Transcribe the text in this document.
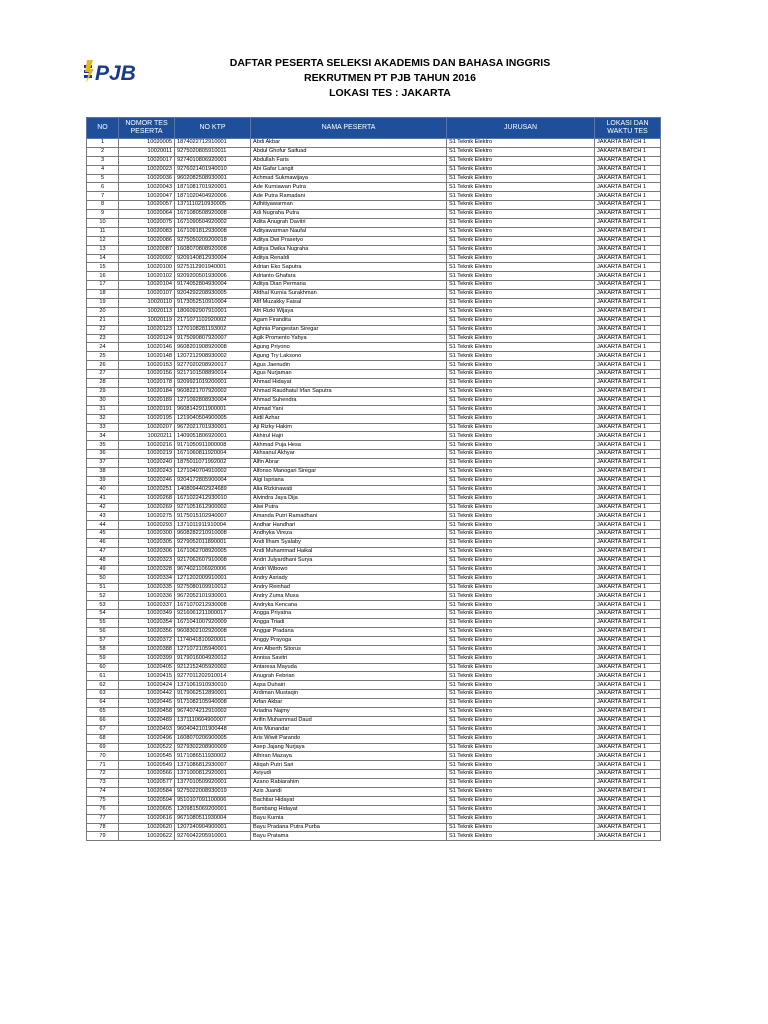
PJB	DAFTAR PESERTA SELEKSI AKADEMIS DAN BAHASA INGGRIS
REKRUTMEN PT PJB TAHUN 2016
LOKASI TES : JAKARTA
NO	NOMOR TES PESERTA	NO KTP	NAMA PESERTA	JURUSAN	LOKASI DAN WAKTU TES
1	10020005	1874022712910001	Abdi Akbar	S1 Teknik Elektro	JAKARTA BATCH 1
2	10020011	9275020805910011	Abdul Ghofur Saifuad	S1 Teknik Elektro	JAKARTA BATCH 1
3	10020017	9274010806920001	Abdullah Faris	S1 Teknik Elektro	JAKARTA BATCH 1
4	10020023	9276021401940010	Abi Gafar Langit	S1 Teknik Elektro	JAKARTA BATCH 1
5	10020036	9602082508930001	Achmad Sukmawijaya	S1 Teknik Elektro	JAKARTA BATCH 1
6	10020043	1871081701920001	Ade Kurniawan Putra	S1 Teknik Elektro	JAKARTA BATCH 1
7	10020047	1871020404920006	Ade Putra Ramadani	S1 Teknik Elektro	JAKARTA BATCH 1
8	10020057	1371110210930005	Adhitiyawarman	S1 Teknik Elektro	JAKARTA BATCH 1
9	10020064	1671080508920008	Adi Nugraha Putra	S1 Teknik Elektro	JAKARTA BATCH 1
10	10020075	1671090504920002	Adita Anugrah Davitri	S1 Teknik Elektro	JAKARTA BATCH 1
11	10020083	1671091812930008	Adityawarman Naufal	S1 Teknik Elektro	JAKARTA BATCH 1
12	10020086	9275050209200018	Aditya Dwi Prasetyo	S1 Teknik Elektro	JAKARTA BATCH 1
13	10020087	1608070808920008	Aditya Dwika Nugraha	S1 Teknik Elektro	JAKARTA BATCH 1
14	10020092	9209140812930004	Aditya Renaldi	S1 Teknik Elektro	JAKARTA BATCH 1
15	10020100	9275112901940001	Adrian Eko Saputra	S1 Teknik Elektro	JAKARTA BATCH 1
16	10020102	9209200501930006	Adrianto Ghafara	S1 Teknik Elektro	JAKARTA BATCH 1
17	10020104	9174052804930004	Aditya Dian Permana	S1 Teknik Elektro	JAKARTA BATCH 1
18	10020107	9204292208930005	Afdhal Kurnia Surakhman	S1 Teknik Elektro	JAKARTA BATCH 1
19	10020110	9173052510910004	Afif Muzakky Faisal	S1 Teknik Elektro	JAKARTA BATCH 1
20	10020113	1806092907910001	Afri Rizki Wijaya	S1 Teknik Elektro	JAKARTA BATCH 1
21	10020119	2171071102920002	Agam Firandita	S1 Teknik Elektro	JAKARTA BATCH 1
22	10020123	1270108281193002	Aghnia Pangestan Siregar	S1 Teknik Elektro	JAKARTA BATCH 1
23	10020124	9175090807920007	Agik Promento Yahya	S1 Teknik Elektro	JAKARTA BATCH 1
24	10020146	9608201908920008	Agung Priyono	S1 Teknik Elektro	JAKARTA BATCH 1
25	10020148	1207212908930002	Agung Try Laksono	S1 Teknik Elektro	JAKARTA BATCH 1
26	10020153	9277020208920017	Agus Jaenudin	S1 Teknik Elektro	JAKARTA BATCH 1
27	10020156	9217101508890014	Agus Nurjaman	S1 Teknik Elektro	JAKARTA BATCH 1
28	10020178	9209921019200001	Ahmad Hidayat	S1 Teknik Elektro	JAKARTA BATCH 1
29	10020184	9608221707920002	Ahmad Raudhatul Irfan Saputra	S1 Teknik Elektro	JAKARTA BATCH 1
30	10020189	1271092808930004	Ahmad Suhendra	S1 Teknik Elektro	JAKARTA BATCH 1
31	10020191	9608142911900001	Ahmad Yani	S1 Teknik Elektro	JAKARTA BATCH 1
32	10020195	1219040504900005	Aidil Azhar	S1 Teknik Elektro	JAKARTA BATCH 1
33	10020207	9672021701930001	Aji Rizky Hakim	S1 Teknik Elektro	JAKARTA BATCH 1
34	10020211	1409051806920001	Akhirul Hajri	S1 Teknik Elektro	JAKARTA BATCH 1
35	10020216	9171050911900008	Akhmad Puja Hesa	S1 Teknik Elektro	JAKARTA BATCH 1
36	10020219	1671060811920004	Akhsanul Akhyar	S1 Teknik Elektro	JAKARTA BATCH 1
37	10020240	1875011071992002	Alfin Abrar	S1 Teknik Elektro	JAKARTA BATCH 1
38	10020243	1271040704910002	Alfonso Manogari Siregar	S1 Teknik Elektro	JAKARTA BATCH 1
39	10020246	9204172805900004	Algi Ispriana	S1 Teknik Elektro	JAKARTA BATCH 1
40	10020251	1408094402924689	Alia Rizkinawati	S1 Teknik Elektro	JAKARTA BATCH 1
41	10020268	1671022412930010	Alvindra Jaya Dija	S1 Teknik Elektro	JAKARTA BATCH 1
42	10020269	9271051612900002	Alwi Putra	S1 Teknik Elektro	JAKARTA BATCH 1
43	10020275	9175015102940007	Amanda Putri Ramadhani	S1 Teknik Elektro	JAKARTA BATCH 1
44	10020293	1371011911910004	Andhar Handhari	S1 Teknik Elektro	JAKARTA BATCH 1
45	10020300	9608282210910008	Andhyka Vireza	S1 Teknik Elektro	JAKARTA BATCH 1
46	10020305	9279052011890001	Andi Ilham Syalaby	S1 Teknik Elektro	JAKARTA BATCH 1
47	10020306	1671062708920005	Andi Muhammad Haikal	S1 Teknik Elektro	JAKARTA BATCH 1
48	10020323	9217062607910008	Andri Julyardhani Surya	S1 Teknik Elektro	JAKARTA BATCH 1
49	10020328	9674021106920006	Andri Wibowo	S1 Teknik Elektro	JAKARTA BATCH 1
50	10020334	1271202009910001	Andry Asriady	S1 Teknik Elektro	JAKARTA BATCH 1
51	10020335	9275080109910012	Andry Reinhad	S1 Teknik Elektro	JAKARTA BATCH 1
52	10020336	9672052101930001	Andry Zuma Musa	S1 Teknik Elektro	JAKARTA BATCH 1
53	10020337	1671070212930008	Andryka Kencana	S1 Teknik Elektro	JAKARTA BATCH 1
54	10020349	9216061211900017	Angga Priyatna	S1 Teknik Elektro	JAKARTA BATCH 1
55	10020354	1671041007920009	Angga Triadi	S1 Teknik Elektro	JAKARTA BATCH 1
56	10020356	9608302102920008	Anggar Pradana	S1 Teknik Elektro	JAKARTA BATCH 1
57	10020372	1174041810920001	Anggy Prayoga	S1 Teknik Elektro	JAKARTA BATCH 1
58	10020388	1271072105940001	Ann Alberth Sitorus	S1 Teknik Elektro	JAKARTA BATCH 1
59	10020399	9179016004920012	Annisa Savitri	S1 Teknik Elektro	JAKARTA BATCH 1
60	10020405	9212152405920002	Antaresa Mayuda	S1 Teknik Elektro	JAKARTA BATCH 1
61	10020415	9277011202910014	Anugrah Febrian	S1 Teknik Elektro	JAKARTA BATCH 1
62	10020424	1371061910930010	Aqsa Duhairi	S1 Teknik Elektro	JAKARTA BATCH 1
63	10020442	9179062512890001	Ardiman Mustaqin	S1 Teknik Elektro	JAKARTA BATCH 1
64	10020445	9171082105940008	Arfan Akbar	S1 Teknik Elektro	JAKARTA BATCH 1
65	10020458	9674074212910002	Ariadna Najmy	S1 Teknik Elektro	JAKARTA BATCH 1
66	10020489	1371110604900007	Arifin Muhammad Daud	S1 Teknik Elektro	JAKARTA BATCH 1
67	10020493	9604042101900448	Aris Munandar	S1 Teknik Elektro	JAKARTA BATCH 1
68	10020496	1608070206900005	Aris Wiwit Parando	S1 Teknik Elektro	JAKARTA BATCH 1
69	10020522	9279302208900009	Asep Jajang Nurjaya	S1 Teknik Elektro	JAKARTA BATCH 1
70	10020545	9171086511930002	Athiran Mazaya	S1 Teknik Elektro	JAKARTA BATCH 1
71	10020549	1371086812930007	Atiqah Putri Sari	S1 Teknik Elektro	JAKARTA BATCH 1
72	10020566	1371000812920001	Aviyudi	S1 Teknik Elektro	JAKARTA BATCH 1
73	10020577	1377010509920001	Azano Rabiarahim	S1 Teknik Elektro	JAKARTA BATCH 1
74	10020584	9275022008930019	Azis Juandi	S1 Teknik Elektro	JAKARTA BATCH 1
75	10020594	9510107091100006	Bachtiar Hidayat	S1 Teknik Elektro	JAKARTA BATCH 1
76	10020605	1209815069200001	Bambang Hidayat	S1 Teknik Elektro	JAKARTA BATCH 1
77	10020616	9671080511930004	Bayu Kurnia	S1 Teknik Elektro	JAKARTA BATCH 1
78	10020620	1207240904900001	Bayu Pradana Putra Purba	S1 Teknik Elektro	JAKARTA BATCH 1
79	10020622	9276042205910001	Bayu Pratama	S1 Teknik Elektro	JAKARTA BATCH 1
